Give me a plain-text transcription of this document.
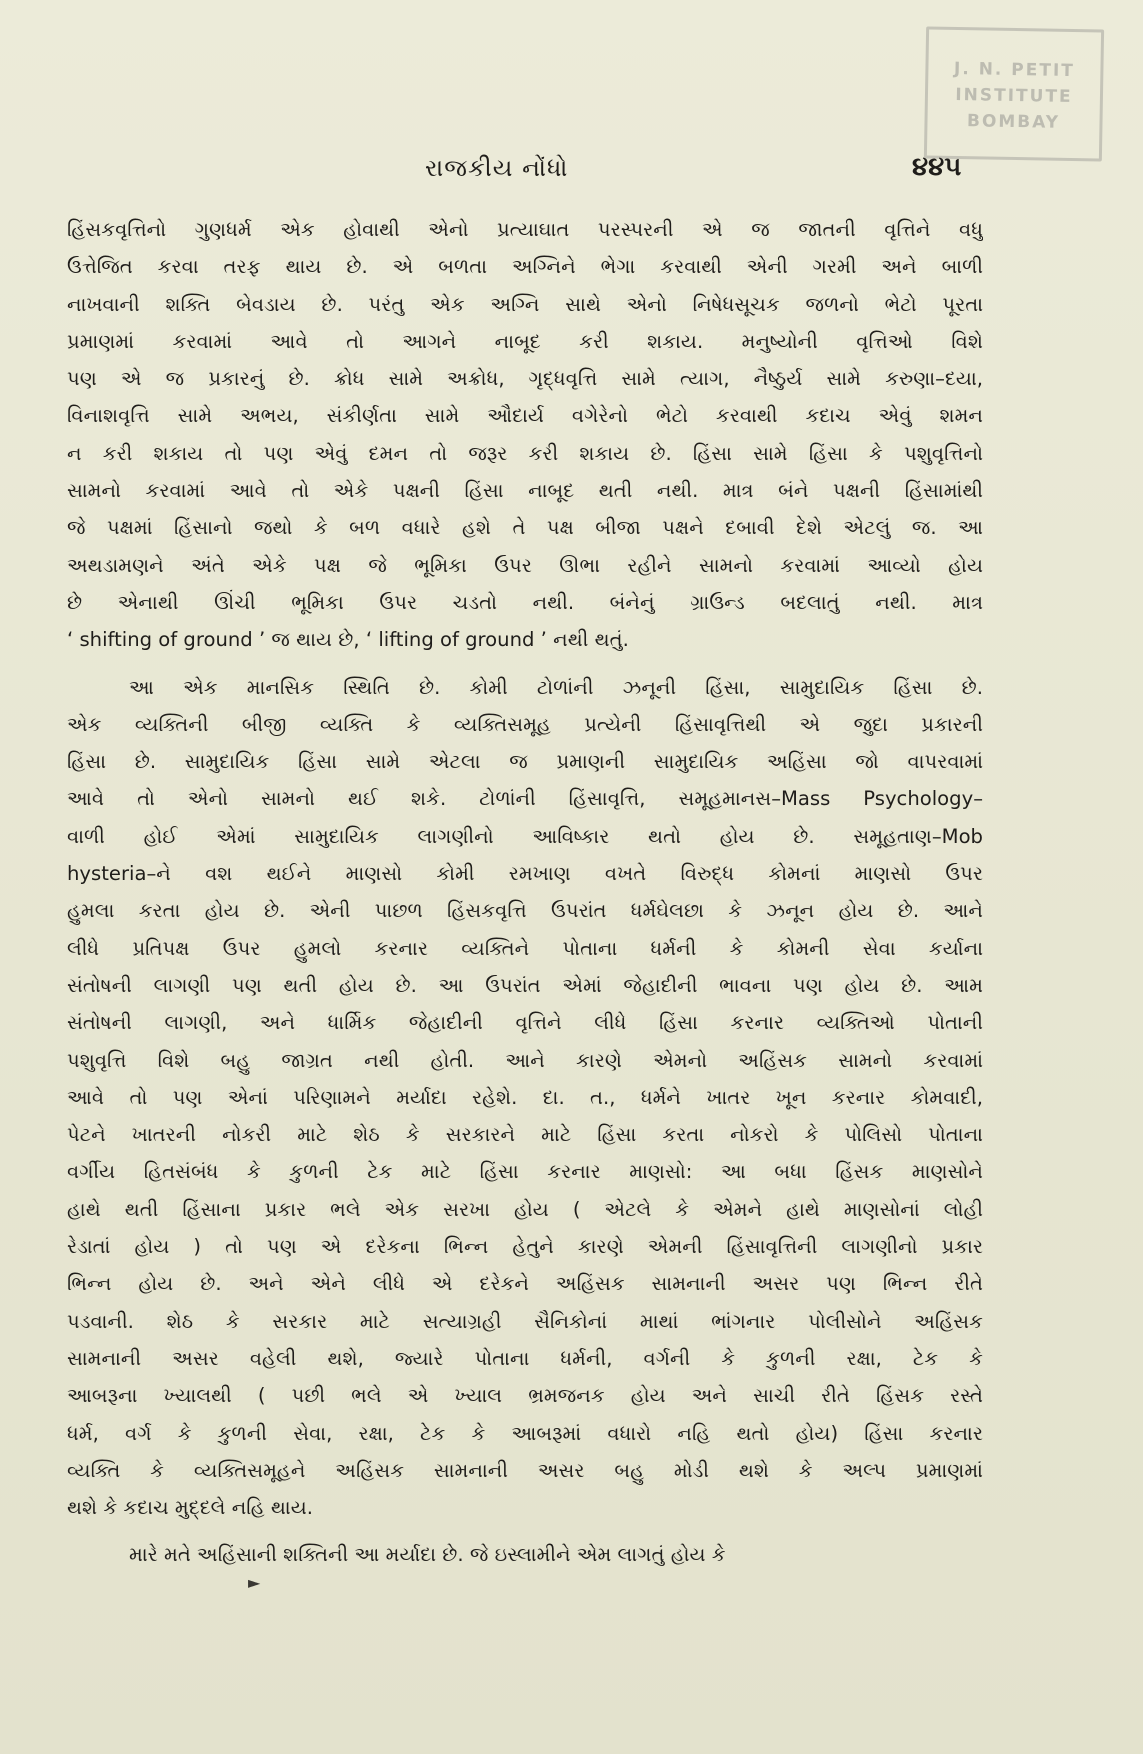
J. N. PETIT
INSTITUTE
BOMBAY
રાજકીય નોંધો	૪૪૫
હિંસકવૃત્તિનો ગુણધર્મ એક હોવાથી એનો પ્રત્યાઘાત પરસ્પરની એ જ જાતની વૃત્તિને વધુ
ઉત્તેજિત કરવા તરફ થાય છે. એ બળતા અગ્નિને ભેગા કરવાથી એની ગરમી અને બાળી
નાખવાની શક્તિ બેવડાય છે. પરંતુ એક અગ્નિ સાથે એનો નિષેધસૂચક જળનો ભેટો પૂરતા
પ્રમાણમાં કરવામાં આવે તો આગને નાબૂદ કરી શકાય. મનુષ્યોની વૃત્તિઓ વિશે
પણ એ જ પ્રકારનું છે. ક્રોધ સામે અક્રોધ, ગૃદ્ધવૃત્તિ સામે ત્યાગ, નૈષ્ઠુર્ય સામે કરુણા–દયા,
વિનાશવૃત્તિ સામે અભય, સંકીર્ણતા સામે ઔદાર્ય વગેરેનો ભેટો કરવાથી કદાચ એવું શમન
ન કરી શકાય તો પણ એવું દમન તો જરૂર કરી શકાય છે. હિંસા સામે હિંસા કે પશુવૃત્તિનો
સામનો કરવામાં આવે તો એકે પક્ષની હિંસા નાબૂદ થતી નથી. માત્ર બંને પક્ષની હિંસામાંથી
જે પક્ષમાં હિંસાનો જથો કે બળ વધારે હશે તે પક્ષ બીજા પક્ષને દબાવી દેશે એટલું જ. આ
અથડામણને અંતે એકે પક્ષ જે ભૂમિકા ઉપર ઊભા રહીને સામનો કરવામાં આવ્યો હોય
છે એનાથી ઊંચી ભૂમિકા ઉપર ચડતો નથી. બંનેનું ગ્રાઉન્ડ બદલાતું નથી. માત્ર
‘ shifting of ground ’ જ થાય છે, ‘ lifting of ground ’ નથી થતું.
આ એક માનસિક સ્થિતિ છે. કોમી ટોળાંની ઝનૂની હિંસા, સામુદાયિક હિંસા છે.
એક વ્યક્તિની બીજી વ્યક્તિ કે વ્યક્તિસમૂહ પ્રત્યેની હિંસાવૃત્તિથી એ જુદા પ્રકારની
હિંસા છે. સામુદાયિક હિંસા સામે એટલા જ પ્રમાણની સામુદાયિક અહિંસા જો વાપરવામાં
આવે તો એનો સામનો થઈ શકે. ટોળાંની હિંસાવૃત્તિ, સમૂહમાનસ–Mass Psychology–
વાળી હોઈ એમાં સામુદાયિક લાગણીનો આવિષ્કાર થતો હોય છે. સમૂહતાણ–Mob
hysteria–ને વશ થઈને માણસો કોમી રમખાણ વખતે વિરુદ્ધ કોમનાં માણસો ઉપર
હુમલા કરતા હોય છે. એની પાછળ હિંસકવૃત્તિ ઉપરાંત ધર્મઘેલછા કે ઝનૂન હોય છે. આને
લીધે પ્રતિપક્ષ ઉપર હુમલો કરનાર વ્યક્તિને પોતાના ધર્મની કે કોમની સેવા કર્યાના
સંતોષની લાગણી પણ થતી હોય છે. આ ઉપરાંત એમાં જેહાદીની ભાવના પણ હોય છે. આમ
સંતોષની લાગણી, અને ધાર્મિક જેહાદીની વૃત્તિને લીધે હિંસા કરનાર વ્યક્તિઓ પોતાની
પશુવૃત્તિ વિશે બહુ જાગ્રત નથી હોતી. આને કારણે એમનો અહિંસક સામનો કરવામાં
આવે તો પણ એનાં પરિણામને મર્યાદા રહેશે. દા. ત., ધર્મને ખાતર ખૂન કરનાર કોમવાદી,
પેટને ખાતરની નોકરી માટે શેઠ કે સરકારને માટે હિંસા કરતા નોકરો કે પોલિસો પોતાના
વર્ગીય હિતસંબંધ કે કુળની ટેક માટે હિંસા કરનાર માણસો: આ બધા હિંસક માણસોને
હાથે થતી હિંસાના પ્રકાર ભલે એક સરખા હોય ( એટલે કે એમને હાથે માણસોનાં લોહી
રેડાતાં હોય ) તો પણ એ દરેકના ભિન્ન હેતુને કારણે એમની હિંસાવૃત્તિની લાગણીનો પ્રકાર
ભિન્ન હોય છે. અને એને લીધે એ દરેકને અહિંસક સામનાની અસર પણ ભિન્ન રીતે
પડવાની. શેઠ કે સરકાર માટે સત્યાગ્રહી સૈનિકોનાં માથાં ભાંગનાર પોલીસોને અહિંસક
સામનાની અસર વહેલી થશે, જ્યારે પોતાના ધર્મની, વર્ગની કે કુળની રક્ષા, ટેક કે
આબરૂના ખ્યાલથી ( પછી ભલે એ ખ્યાલ ભ્રમજનક હોય અને સાચી રીતે હિંસક રસ્તે
ધર્મ, વર્ગ કે કુળની સેવા, રક્ષા, ટેક કે આબરૂમાં વધારો નહિ થતો હોય) હિંસા કરનાર
વ્યક્તિ કે વ્યક્તિસમૂહને અહિંસક સામનાની અસર બહુ મોડી થશે કે અલ્પ પ્રમાણમાં
થશે કે કદાચ મુદ્દલે નહિ થાય.
મારે મતે અહિંસાની શક્તિની આ મર્યાદા છે. જે ઇસ્લામીને એમ લાગતું હોય કે
►
